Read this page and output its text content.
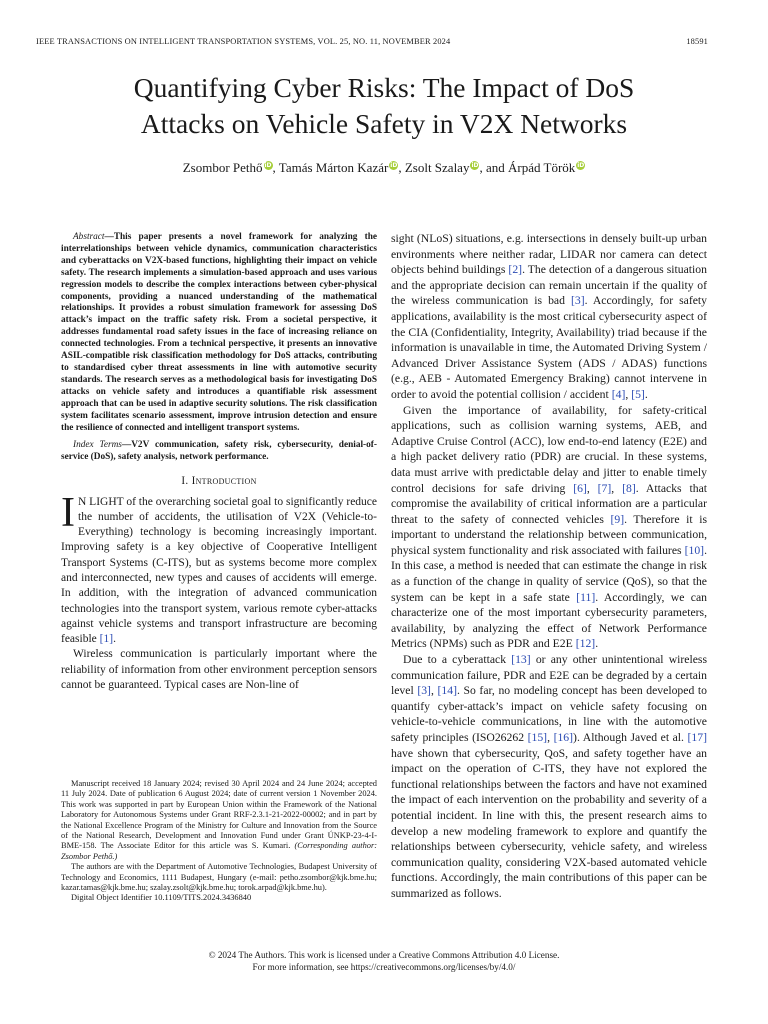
IEEE TRANSACTIONS ON INTELLIGENT TRANSPORTATION SYSTEMS, VOL. 25, NO. 11, NOVEMBER 2024	18591
Quantifying Cyber Risks: The Impact of DoS
Attacks on Vehicle Safety in V2X Networks
Zsombor Pethő iD, Tamás Márton Kazár iD, Zsolt Szalay iD, and Árpád Török iD

Abstract—This paper presents a novel framework for analyzing the interrelationships between vehicle dynamics, communication characteristics and cyberattacks on V2X-based functions, highlighting their impact on vehicle safety. The research implements a simulation-based approach and uses various regression models to describe the complex interactions between cyber-physical components, providing a nuanced understanding of the mathematical relationships. It provides a robust simulation framework for assessing DoS attack’s impact on the traffic safety risk. From a societal perspective, it addresses fundamental road safety issues in the face of increasing reliance on connected technologies. From a technical perspective, it presents an innovative ASIL-compatible risk classification methodology for DoS attacks, contributing to standardised cyber threat assessments in line with automotive security standards. The research serves as a methodological basis for investigating DoS attacks on vehicle safety and introduces a quantifiable risk assessment approach that can be used in adaptive security solutions. The risk classification system facilitates scenario assessment, improve intrusion detection and ensure the resilience of connected and intelligent transport systems.

Index Terms—V2V communication, safety risk, cybersecurity, denial-of-service (DoS), safety analysis, network performance.

I. Introduction

I N LIGHT of the overarching societal goal to significantly reduce the number of accidents, the utilisation of V2X (Vehicle-to-Everything) technology is becoming increasingly important. Improving safety is a key objective of Cooperative Intelligent Transport Systems (C-ITS), but as systems become more complex and interconnected, new types and causes of accidents will emerge. In addition, with the integration of advanced communication technologies into the transport system, various remote cyber-attacks against vehicle systems and transport infrastructure are becoming feasible [1].

Wireless communication is particularly important where the reliability of information from other environment perception sensors cannot be guaranteed. Typical cases are Non-line of

Manuscript received 18 January 2024; revised 30 April 2024 and 24 June 2024; accepted 11 July 2024. Date of publication 6 August 2024; date of current version 1 November 2024. This work was supported in part by European Union within the Framework of the National Laboratory for Autonomous Systems under Grant RRF-2.3.1-21-2022-00002; and in part by the National Excellence Program of the Ministry for Culture and Innovation from the Source of the National Research, Development and Innovation Fund under Grant ÚNKP-23-4-I-BME-158. The Associate Editor for this article was S. Kumari. (Corresponding author: Zsombor Pethő.)

The authors are with the Department of Automotive Technologies, Budapest University of Technology and Economics, 1111 Budapest, Hungary (e-mail: petho.zsombor@kjk.bme.hu; kazar.tamas@kjk.bme.hu; szalay.zsolt@kjk.bme.hu; torok.arpad@kjk.bme.hu).

Digital Object Identifier 10.1109/TITS.2024.3436840

sight (NLoS) situations, e.g. intersections in densely built-up urban environments where neither radar, LIDAR nor camera can detect objects behind buildings [2]. The detection of a dangerous situation and the appropriate decision can remain uncertain if the quality of the wireless communication is bad [3]. Accordingly, for safety applications, availability is the most critical cybersecurity aspect of the CIA (Confidentiality, Integrity, Availability) triad because if the information is unavailable in time, the Automated Driving System / Advanced Driver Assistance System (ADS / ADAS) functions (e.g., AEB - Automated Emergency Braking) cannot intervene in order to avoid the potential collision / accident [4], [5].

Given the importance of availability, for safety-critical applications, such as collision warning systems, AEB, and Adaptive Cruise Control (ACC), low end-to-end latency (E2E) and a high packet delivery ratio (PDR) are crucial. In these systems, data must arrive with predictable delay and jitter to enable timely control decisions for safe driving [6], [7], [8]. Attacks that compromise the availability of critical information are a particular threat to the safety of connected vehicles [9]. Therefore it is important to understand the relationship between communication, physical system functionality and risk associated with failures [10]. In this case, a method is needed that can estimate the change in risk as a function of the change in quality of service (QoS), so that the system can be kept in a safe state [11]. Accordingly, we can characterize one of the most important cybersecurity parameters, availability, by analyzing the effect of Network Performance Metrics (NPMs) such as PDR and E2E [12].

Due to a cyberattack [13] or any other unintentional wireless communication failure, PDR and E2E can be degraded by a certain level [3], [14]. So far, no modeling concept has been developed to quantify cyber-attack’s impact on vehicle safety focusing on vehicle-to-vehicle communications, in line with the automotive safety principles (ISO26262 [15], [16]). Although Javed et al. [17] have shown that cybersecurity, QoS, and safety together have an impact on the operation of C-ITS, they have not explored the functional relationships between the factors and have not examined the impact of each intervention on the probability and severity of a potential incident. In line with this, the present research aims to develop a new modeling framework to explore and quantify the relationships between cybersecurity, vehicle safety, and wireless communication quality, considering V2X-based automated vehicle functions. Accordingly, the main contributions of this paper can be summarized as follows.

© 2024 The Authors. This work is licensed under a Creative Commons Attribution 4.0 License.
For more information, see https://creativecommons.org/licenses/by/4.0/
